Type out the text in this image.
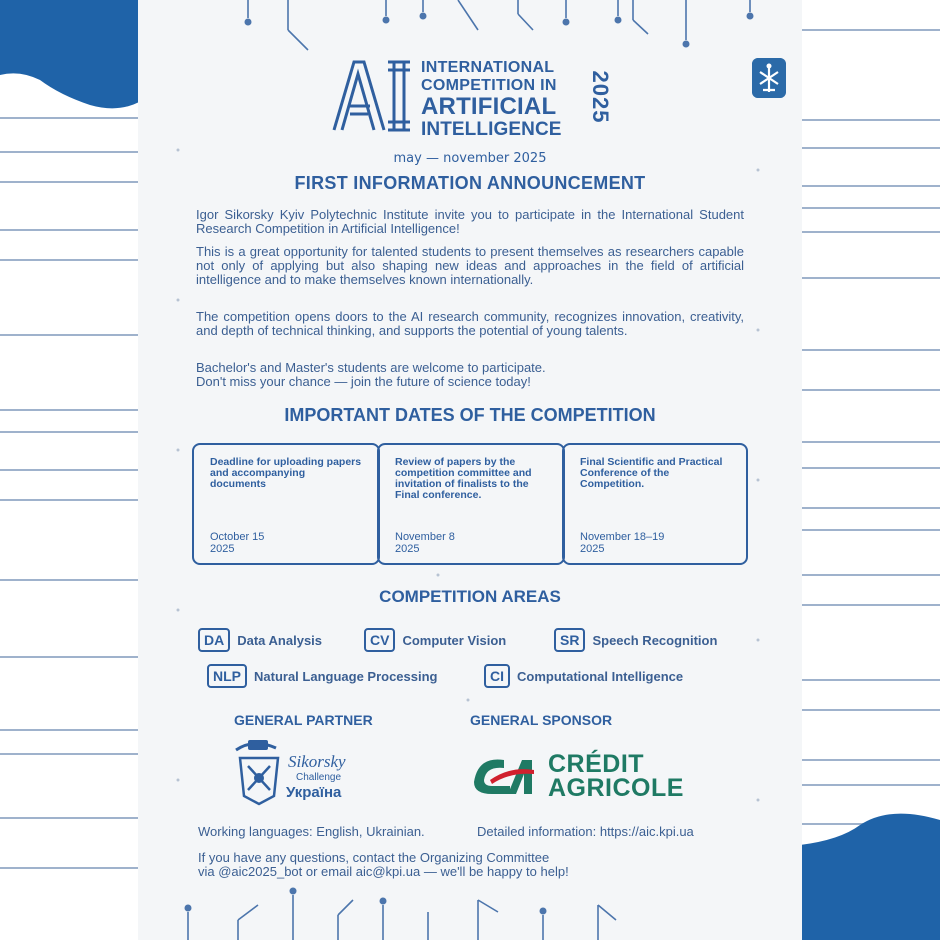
INTERNATIONAL
COMPETITION IN
ARTIFICIAL
INTELLIGENCE
2025
may — november 2025
FIRST INFORMATION ANNOUNCEMENT
Igor Sikorsky Kyiv Polytechnic Institute invite you to participate in the International Student Research Competition in Artificial Intelligence!
This is a great opportunity for talented students to present themselves as researchers capable not only of applying but also shaping new ideas and approaches in the field of artificial intelligence and to make themselves known internationally.
The competition opens doors to the AI research community, recognizes innovation, creativity, and depth of technical thinking, and supports the potential of young talents.
Bachelor's and Master's students are welcome to participate.
Don't miss your chance — join the future of science today!
IMPORTANT DATES OF THE COMPETITION
Deadline for uploading papers and accompanying documents
October 15
2025
Review of papers by the competition committee and invitation of finalists to the Final conference.
November 8
2025
Final Scientific and Practical Conference of the Competition.
November 18–19
2025
COMPETITION AREAS
DA	Data Analysis	CV	Computer Vision	SR	Speech Recognition
NLP	Natural Language Processing	CI	Computational Intelligence
GENERAL PARTNER	GENERAL SPONSOR
Sikorsky
Challenge
Україна
CRÉDIT
AGRICOLE
Working languages: English, Ukrainian.	Detailed information: https://aic.kpi.ua
If you have any questions, contact the Organizing Committee
via @aic2025_bot or email aic@kpi.ua — we'll be happy to help!
